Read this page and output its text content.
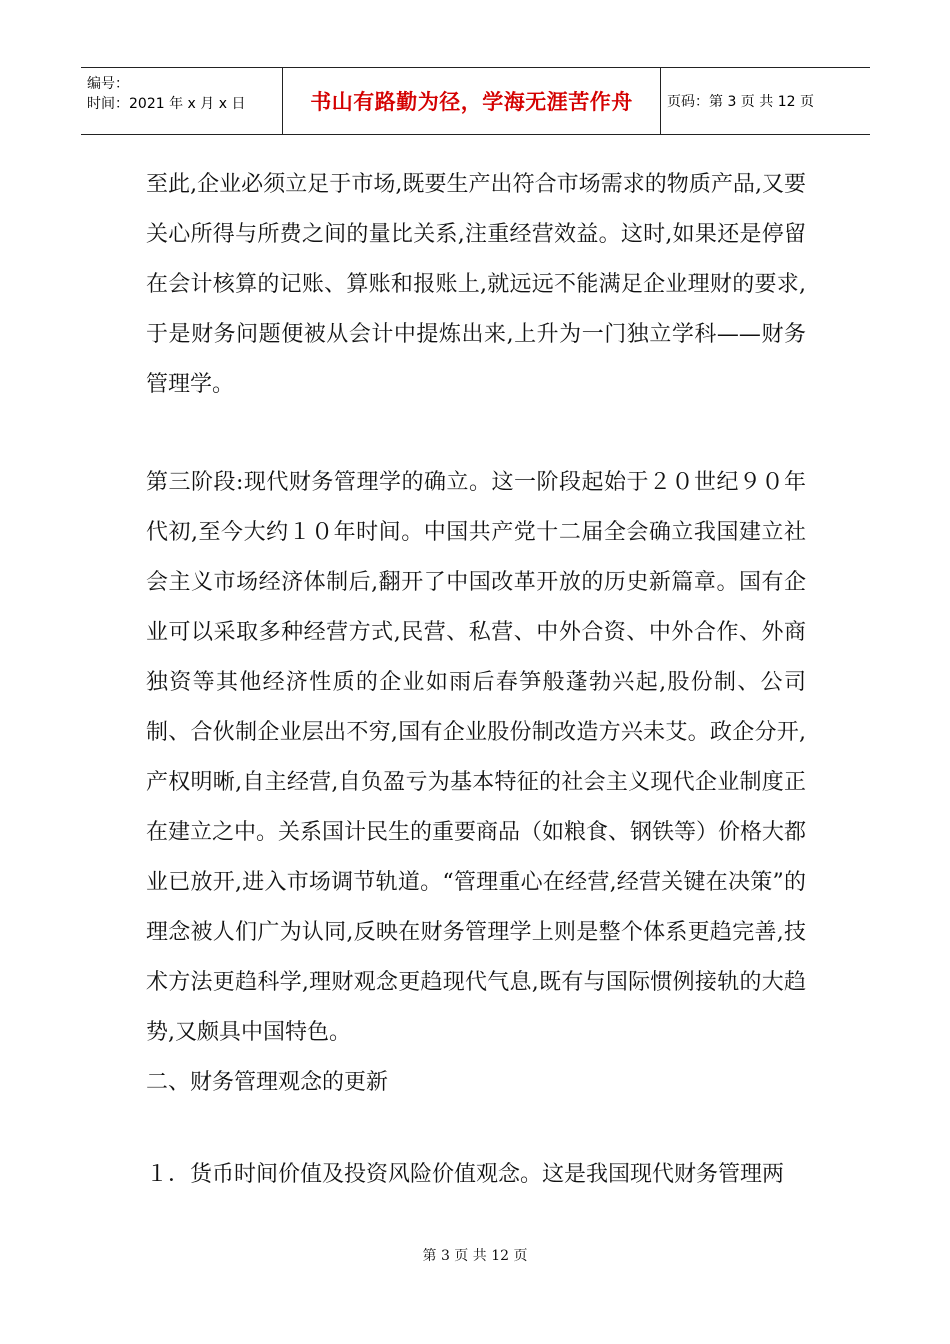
编号：
时间：2021 年 x 月 x 日	书山有路勤为径，学海无涯苦作舟 页码：第 3 页 共 12 页

至此,企业必须立足于市场,既要生产出符合市场需求的物质产品,又要关心所得与所费之间的量比关系,注重经营效益。这时,如果还是停留在会计核算的记账、算账和报账上,就远远不能满足企业理财的要求,于是财务问题便被从会计中提炼出来,上升为一门独立学科——财务管理学。

第三阶段:现代财务管理学的确立。这一阶段起始于２０世纪９０年代初,至今大约１０年时间。中国共产党十二届全会确立我国建立社会主义市场经济体制后,翻开了中国改革开放的历史新篇章。国有企业可以采取多种经营方式,民营、私营、中外合资、中外合作、外商独资等其他经济性质的企业如雨后春笋般蓬勃兴起,股份制、公司制、合伙制企业层出不穷,国有企业股份制改造方兴未艾。政企分开,产权明晰,自主经营,自负盈亏为基本特征的社会主义现代企业制度正在建立之中。关系国计民生的重要商品（如粮食、钢铁等）价格大都业已放开,进入市场调节轨道。“管理重心在经营,经营关键在决策”的理念被人们广为认同,反映在财务管理学上则是整个体系更趋完善,技术方法更趋科学,理财观念更趋现代气息,既有与国际惯例接轨的大趋势,又颇具中国特色。

二、财务管理观念的更新

１．货币时间价值及投资风险价值观念。这是我国现代财务管理两

第 3 页 共 12 页
